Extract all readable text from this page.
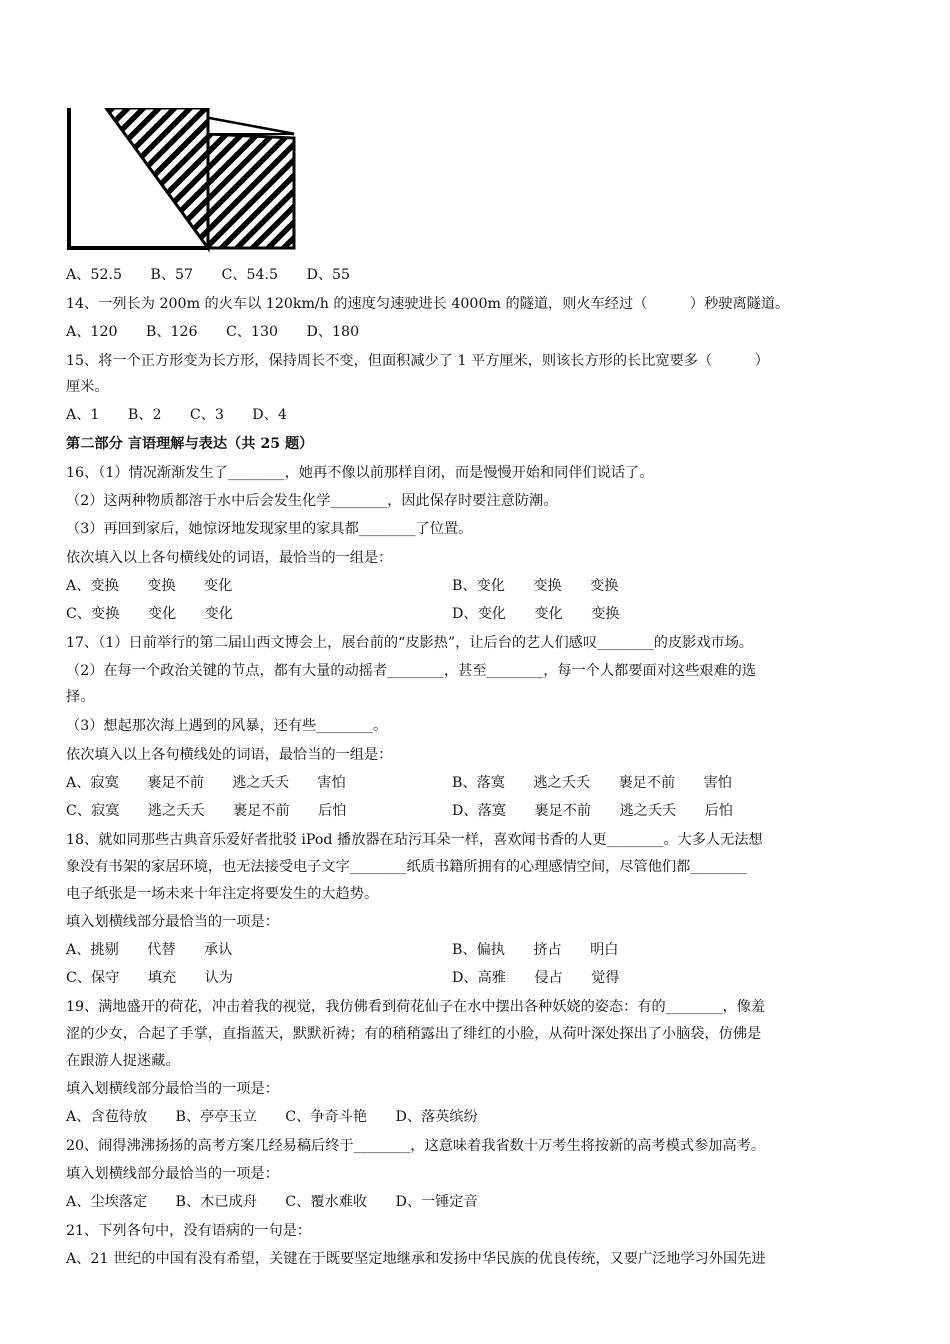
A、52.5　　B、57　　C、54.5　　D、55
14、一列长为 200m 的火车以 120km/h 的速度匀速驶进长 4000m 的隧道，则火车经过（　　　）秒驶离隧道。
A、120　　B、126　　C、130　　D、180
15、将一个正方形变为长方形，保持周长不变，但面积减少了 1 平方厘米，则该长方形的长比宽要多（　　　）
厘米。
A、1　　B、2　　C、3　　D、4
第二部分 言语理解与表达（共 25 题）
16、（1）情况渐渐发生了________，她再不像以前那样自闭，而是慢慢开始和同伴们说话了。
（2）这两种物质都溶于水中后会发生化学________，因此保存时要注意防潮。
（3）再回到家后，她惊讶地发现家里的家具都________了位置。
依次填入以上各句横线处的词语，最恰当的一组是：
A、变换　　变换　　变化	B、变化　　变换　　变换
C、变换　　变化　　变化	D、变化　　变化　　变换
17、（1）日前举行的第二届山西文博会上，展台前的“皮影热”，让后台的艺人们感叹________的皮影戏市场。
（2）在每一个政治关键的节点，都有大量的动摇者________，甚至________，每一个人都要面对这些艰难的选
择。
（3）想起那次海上遇到的风暴，还有些________。
依次填入以上各句横线处的词语，最恰当的一组是：
A、寂寞　　裹足不前　　逃之夭夭　　害怕	B、落寞　　逃之夭夭　　裹足不前　　害怕
C、寂寞　　逃之夭夭　　裹足不前　　后怕	D、落寞　　裹足不前　　逃之夭夭　　后怕
18、就如同那些古典音乐爱好者批驳 iPod 播放器在玷污耳朵一样，喜欢闻书香的人更________。大多人无法想
象没有书架的家居环境，也无法接受电子文字________纸质书籍所拥有的心理感情空间，尽管他们都________
电子纸张是一场未来十年注定将要发生的大趋势。
填入划横线部分最恰当的一项是：
A、挑剔　　代替　　承认	B、偏执　　挤占　　明白
C、保守　　填充　　认为	D、高雅　　侵占　　觉得
19、满地盛开的荷花，冲击着我的视觉，我仿佛看到荷花仙子在水中摆出各种妖娆的姿态：有的________，像羞
涩的少女，合起了手掌，直指蓝天，默默祈祷；有的稍稍露出了绯红的小脸，从荷叶深处探出了小脑袋，仿佛是
在跟游人捉迷藏。
填入划横线部分最恰当的一项是：
A、含苞待放　　B、亭亭玉立　　C、争奇斗艳　　D、落英缤纷
20、闹得沸沸扬扬的高考方案几经易稿后终于________，这意味着我省数十万考生将按新的高考模式参加高考。
填入划横线部分最恰当的一项是：
A、尘埃落定　　B、木已成舟　　C、覆水难收　　D、一锤定音
21、下列各句中，没有语病的一句是：
A、21 世纪的中国有没有希望，关键在于既要坚定地继承和发扬中华民族的优良传统，又要广泛地学习外国先进
